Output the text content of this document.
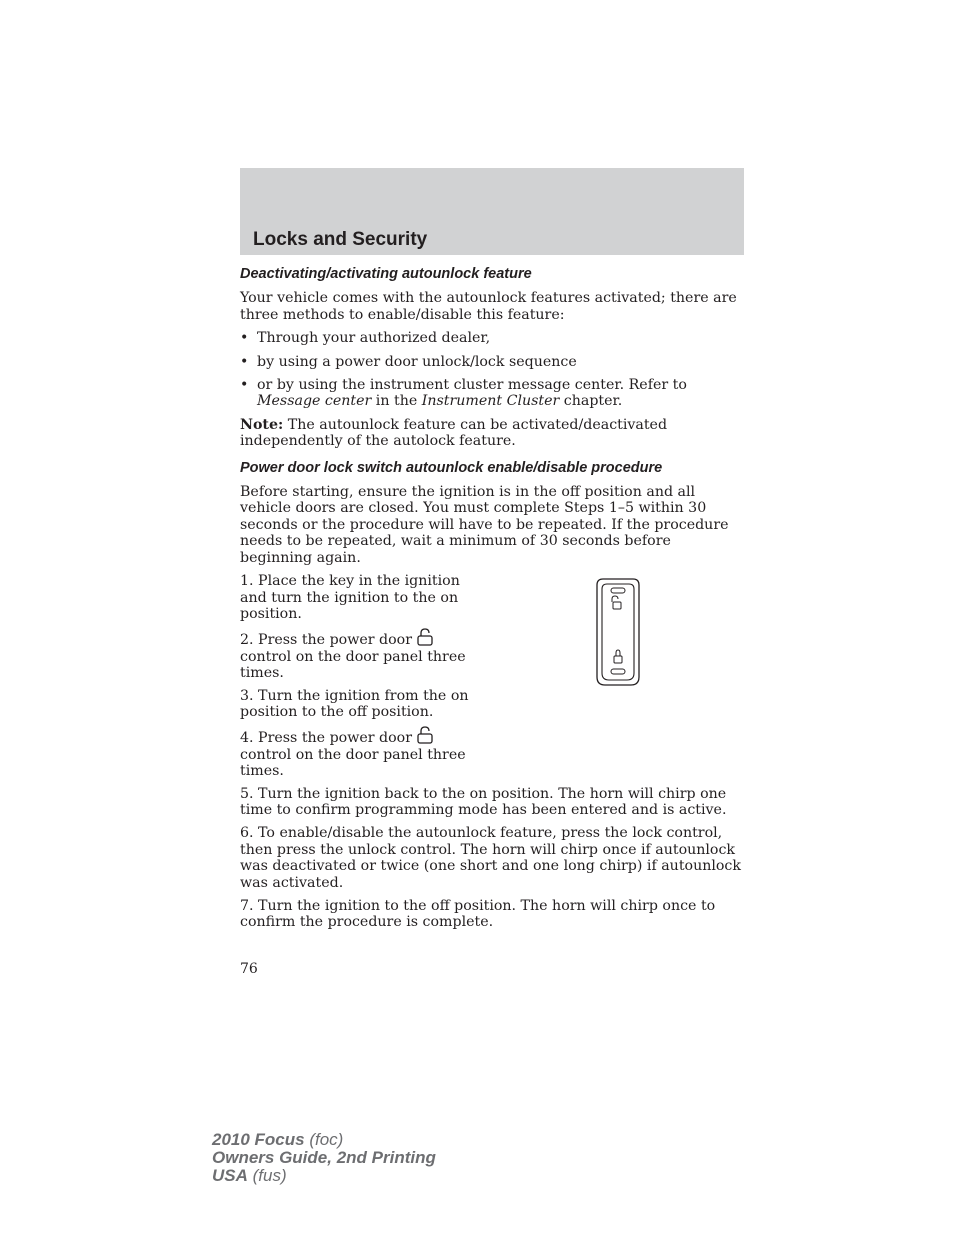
Locks and Security
Deactivating/activating autounlock feature

Your vehicle comes with the autounlock features activated; there are three methods to enable/disable this feature:

• Through your authorized dealer,
• by using a power door unlock/lock sequence
• or by using the instrument cluster message center. Refer to Message center in the Instrument Cluster chapter.

Note: The autounlock feature can be activated/deactivated independently of the autolock feature.

Power door lock switch autounlock enable/disable procedure

Before starting, ensure the ignition is in the off position and all vehicle doors are closed. You must complete Steps 1–5 within 30 seconds or the procedure will have to be repeated. If the procedure needs to be repeated, wait a minimum of 30 seconds before beginning again.

1. Place the key in the ignition and turn the ignition to the on position.

2. Press the power doorcontrol on the door panel three times.

3. Turn the ignition from the on position to the off position.

4. Press the power doorcontrol on the door panel three times.

5. Turn the ignition back to the on position. The horn will chirp one time to confirm programming mode has been entered and is active.

6. To enable/disable the autounlock feature, press the lock control, then press the unlock control. The horn will chirp once if autounlock was deactivated or twice (one short and one long chirp) if autounlock was activated.

7. Turn the ignition to the off position. The horn will chirp once to confirm the procedure is complete.

76
2010 Focus (foc)
Owners Guide, 2nd Printing
USA (fus)
